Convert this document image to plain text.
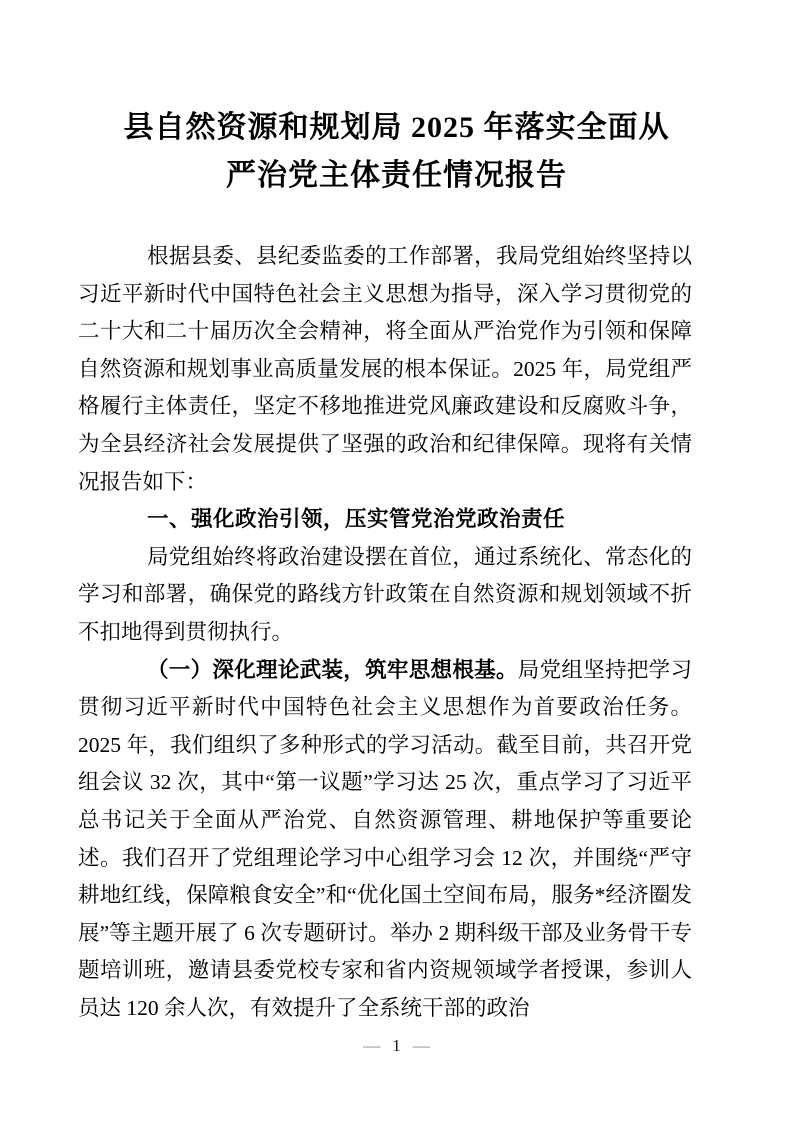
县自然资源和规划局 2025 年落实全面从
严治党主体责任情况报告

根据县委、县纪委监委的工作部署，我局党组始终坚持以习近平新时代中国特色社会主义思想为指导，深入学习贯彻党的二十大和二十届历次全会精神，将全面从严治党作为引领和保障自然资源和规划事业高质量发展的根本保证。2025 年，局党组严格履行主体责任，坚定不移地推进党风廉政建设和反腐败斗争，为全县经济社会发展提供了坚强的政治和纪律保障。现将有关情况报告如下：

一、强化政治引领，压实管党治党政治责任

局党组始终将政治建设摆在首位，通过系统化、常态化的学习和部署，确保党的路线方针政策在自然资源和规划领域不折不扣地得到贯彻执行。

（一）深化理论武装，筑牢思想根基。局党组坚持把学习贯彻习近平新时代中国特色社会主义思想作为首要政治任务。2025 年，我们组织了多种形式的学习活动。截至目前，共召开党组会议 32 次，其中“第一议题”学习达 25 次，重点学习了习近平总书记关于全面从严治党、自然资源管理、耕地保护等重要论述。我们召开了党组理论学习中心组学习会 12 次，并围绕“严守耕地红线，保障粮食安全”和“优化国土空间布局，服务*经济圈发展”等主题开展了 6 次专题研讨。举办 2 期科级干部及业务骨干专题培训班，邀请县委党校专家和省内资规领域学者授课，参训人员达 120 余人次，有效提升了全系统干部的政治

— 1 —
